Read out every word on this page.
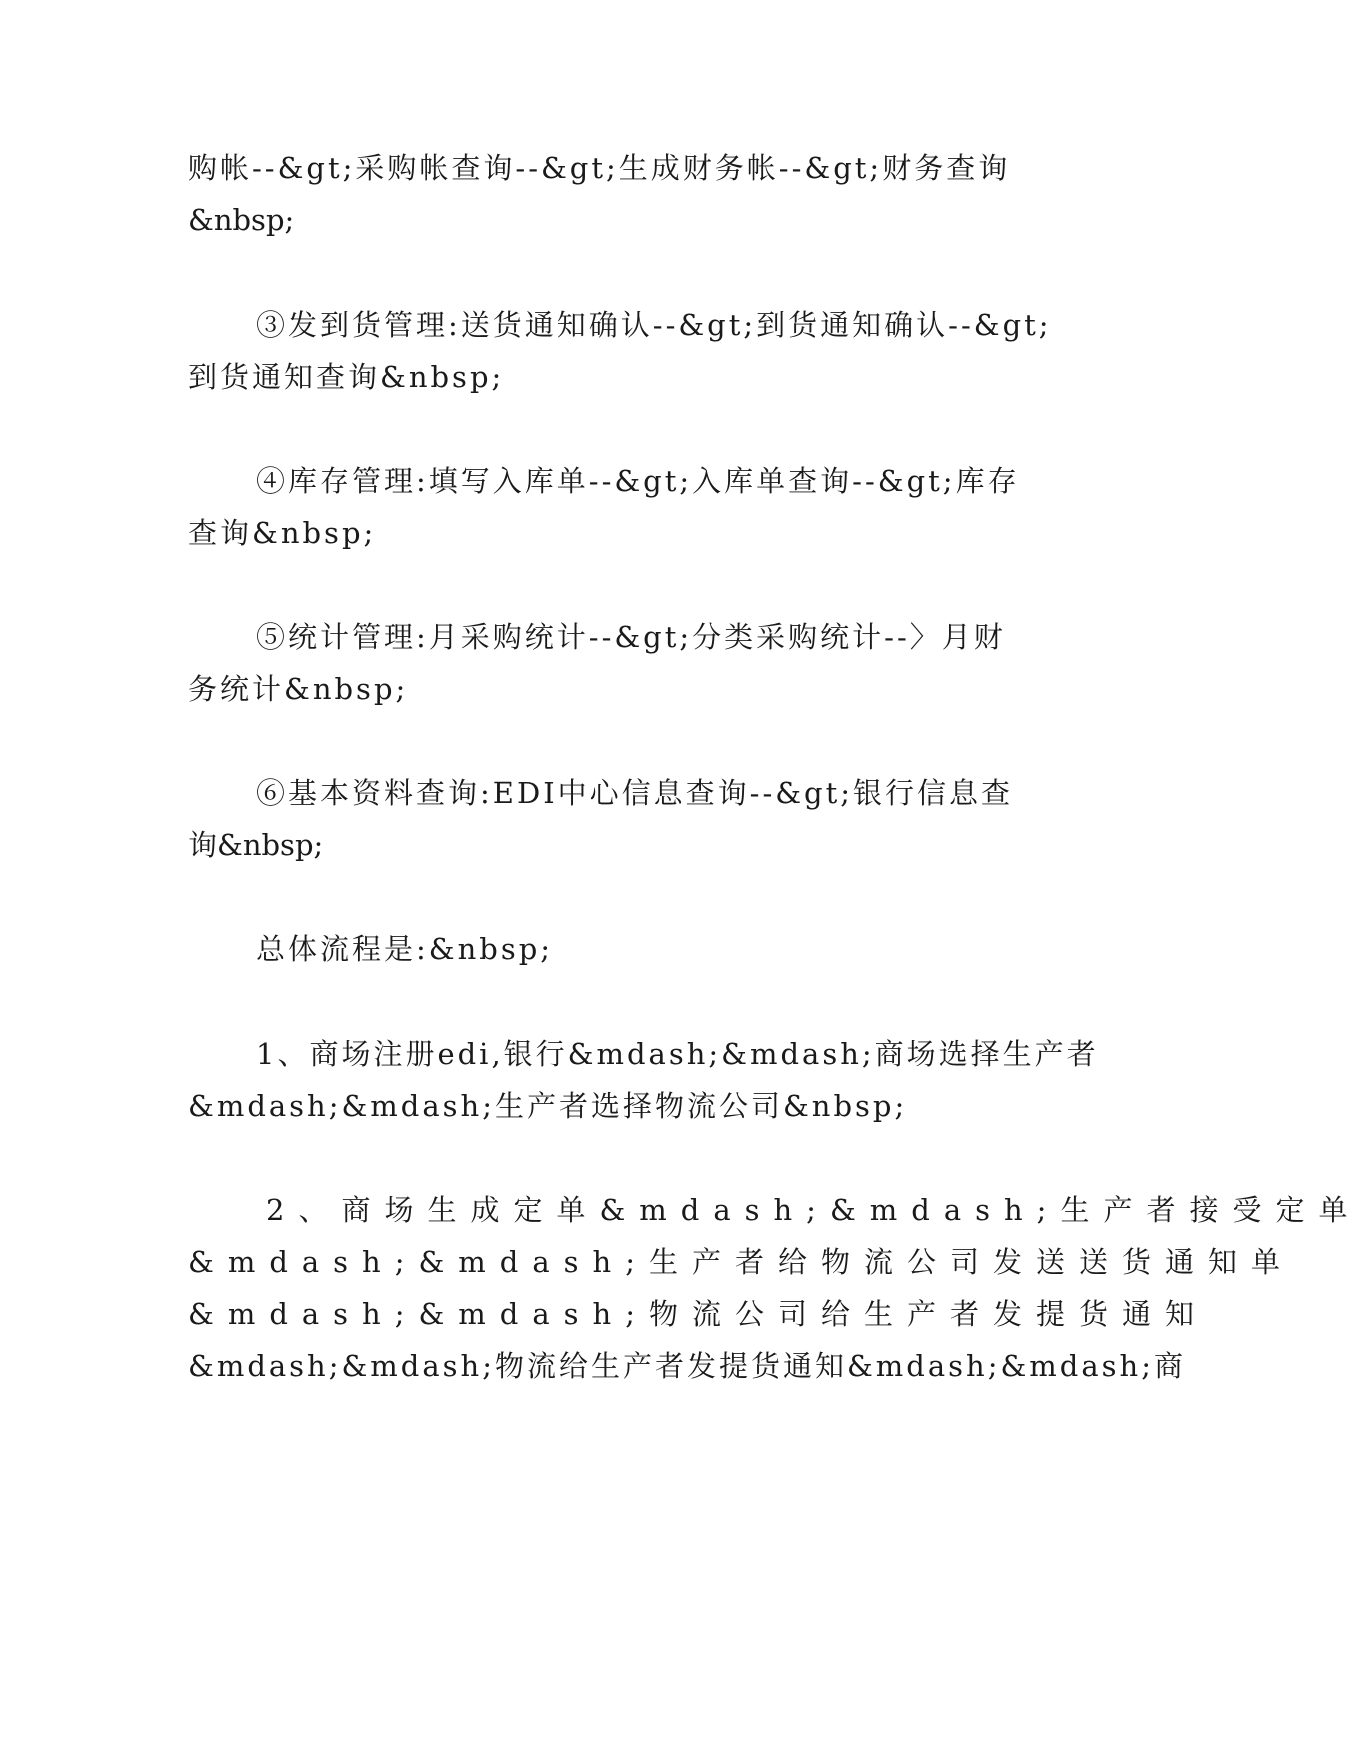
购帐--&gt;采购帐查询--&gt;生成财务帐--&gt;财务查询

&nbsp;

③发到货管理:送货通知确认--&gt;到货通知确认--&gt;

到货通知查询&nbsp;

④库存管理:填写入库单--&gt;入库单查询--&gt;库存

查询&nbsp;

⑤统计管理:月采购统计--&gt;分类采购统计--〉月财

务统计&nbsp;

⑥基本资料查询:EDI中心信息查询--&gt;银行信息查

询&nbsp;

总体流程是:&nbsp;

1、商场注册edi,银行&mdash;&mdash;商场选择生产者

&mdash;&mdash;生产者选择物流公司&nbsp;

2、商场生成定单&mdash;&mdash;生产者接受定单

&mdash;&mdash;生产者给物流公司发送送货通知单

&mdash;&mdash;物流公司给生产者发提货通知

&mdash;&mdash;物流给生产者发提货通知&mdash;&mdash;商
